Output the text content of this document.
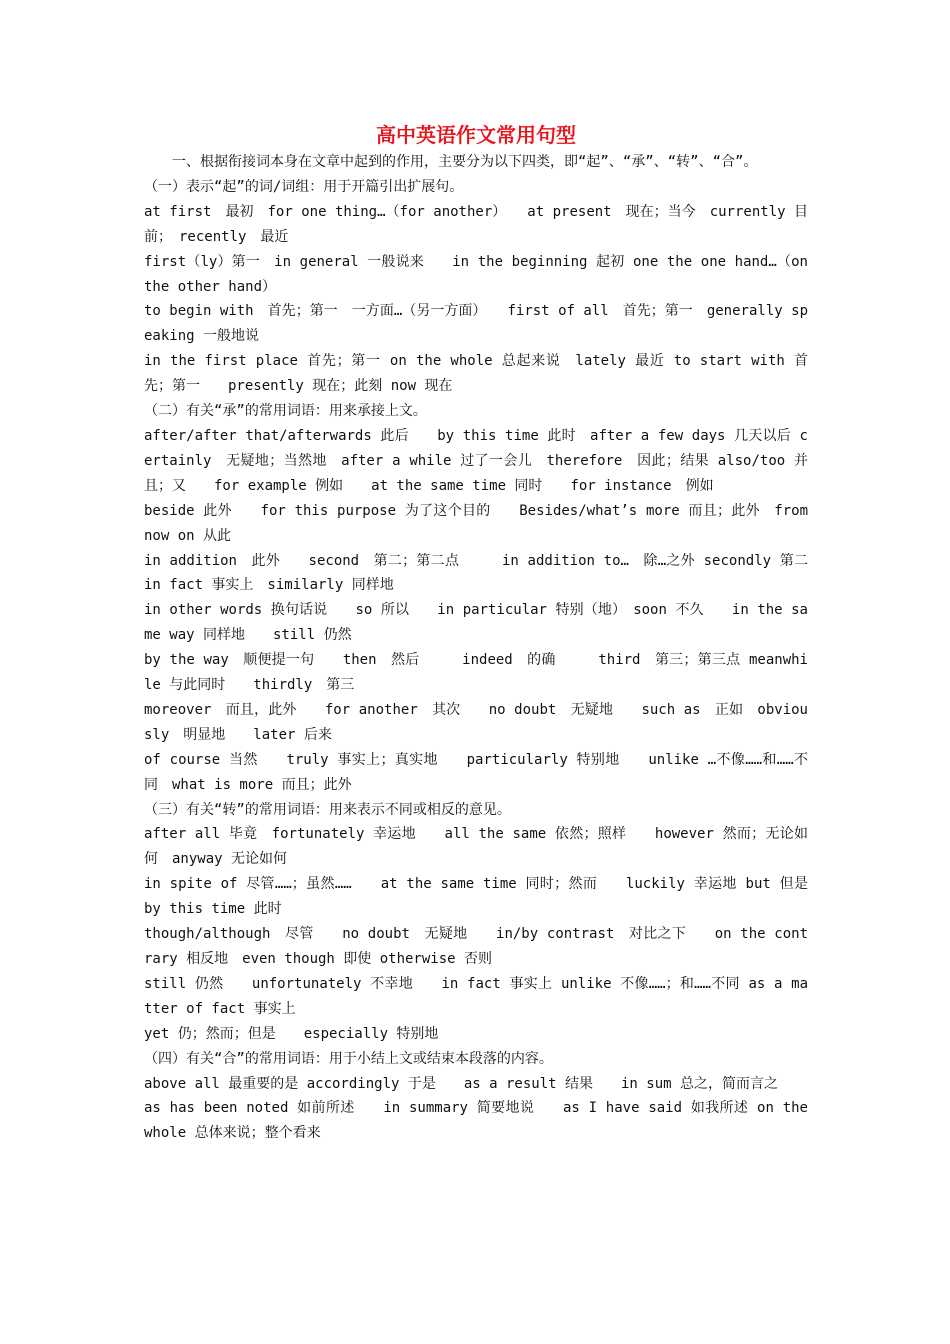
高中英语作文常用句型

一、根据衔接词本身在文章中起到的作用，主要分为以下四类，即“起”、“承”、“转”、“合”。

（一）表示“起”的词/词组：用于开篇引出扩展句。

at first　最初　for one thing…（for another）　　at present　现在；当今　currently 目前；　recently　最近

first（ly）第一　in general 一般说来　　in the beginning 起初 one the one hand…（on the other hand）

to begin with　首先；第一　一方面…（另一方面）　　first of all　首先；第一　generally speaking 一般地说

in the first place 首先；第一 on the whole 总起来说　lately 最近 to start with 首先；第一　　presently 现在；此刻 now 现在

（二）有关“承”的常用词语：用来承接上文。

after/after that/afterwards 此后　　by this time 此时　after a few days 几天以后 certainly　无疑地；当然地　after a while 过了一会儿　therefore　因此；结果 also/too 并且；又　　for example 例如　　at the same time 同时　　for instance　例如

beside 此外　　for this purpose 为了这个目的　　Besides/what’s more 而且；此外　from now on 从此

in addition　此外　　second　第二；第二点　　　in addition to…　除…之外 secondly 第二　in fact 事实上　similarly 同样地

in other words 换句话说　　so 所以　　in particular 特别（地）　soon 不久　　in the same way 同样地　　still 仍然

by the way　顺便提一句　　then　然后　　　indeed　的确　　　third　第三；第三点 meanwhile 与此同时　　thirdly　第三

moreover　而且，此外　　for another　其次　　no doubt　无疑地　　such as　正如　obviously　明显地　　later 后来

of course 当然　　truly 事实上；真实地　　particularly 特别地　　unlike …不像……和……不同　what is more 而且；此外

（三）有关“转”的常用词语：用来表示不同或相反的意见。

after all 毕竟　fortunately 幸运地　　all the same 依然；照样　　however 然而；无论如何　anyway 无论如何

in spite of 尽管……；虽然……　　at the same time 同时；然而　　luckily 幸运地 but 但是　　by this time 此时

though/although　尽管　　no doubt　无疑地　　in/by contrast　对比之下　　on the contrary 相反地　even though 即使 otherwise 否则

still 仍然　　unfortunately 不幸地　　in fact 事实上 unlike 不像……；和……不同 as a matter of fact 事实上

yet 仍；然而；但是　　especially 特别地

（四）有关“合”的常用词语：用于小结上文或结束本段落的内容。

above all 最重要的是 accordingly 于是　　as a result 结果　　in sum 总之，简而言之

as has been noted 如前所述　　in summary 简要地说　　as I have said 如我所述 on the whole 总体来说；整个看来
